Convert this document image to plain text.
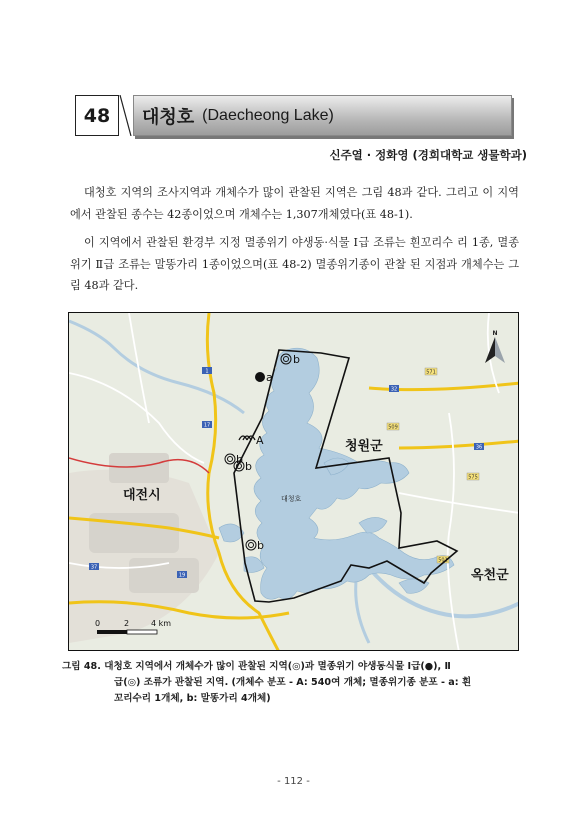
48	대청호 (Daecheong Lake)
신주열 · 정화영 (경희대학교 생물학과)
대청호 지역의 조사지역과 개체수가 많이 관찰된 지역은 그림 48과 같다. 그리고 이 지역에서 관찰된 종수는 42종이었으며 개체수는 1,307개체였다(표 48-1).
이 지역에서 관찰된 환경부 지정 멸종위기 야생동·식물 Ⅰ급 조류는 흰꼬리수 리 1종, 멸종위기 Ⅱ급 조류는 말똥가리 1종이었으며(표 48-2) 멸종위기종이 관찰 된 지점과 개체수는 그림 48과 같다.
1
17
32
36
571
509
501
19
575
37
b
a
A
b
b
b
청원군
대전시
옥천군
대청호
N
0	2	4 km
그림 48. 대청호 지역에서 개체수가 많이 관찰된 지역(◎)과 멸종위기 야생동식물 Ⅰ급(●), Ⅱ
급(◎) 조류가 관찰된 지역. (개체수 분포 - A: 540여 개체; 멸종위기종 분포 - a: 흰
꼬리수리 1개체, b: 말똥가리 4개체)
- 112 -
